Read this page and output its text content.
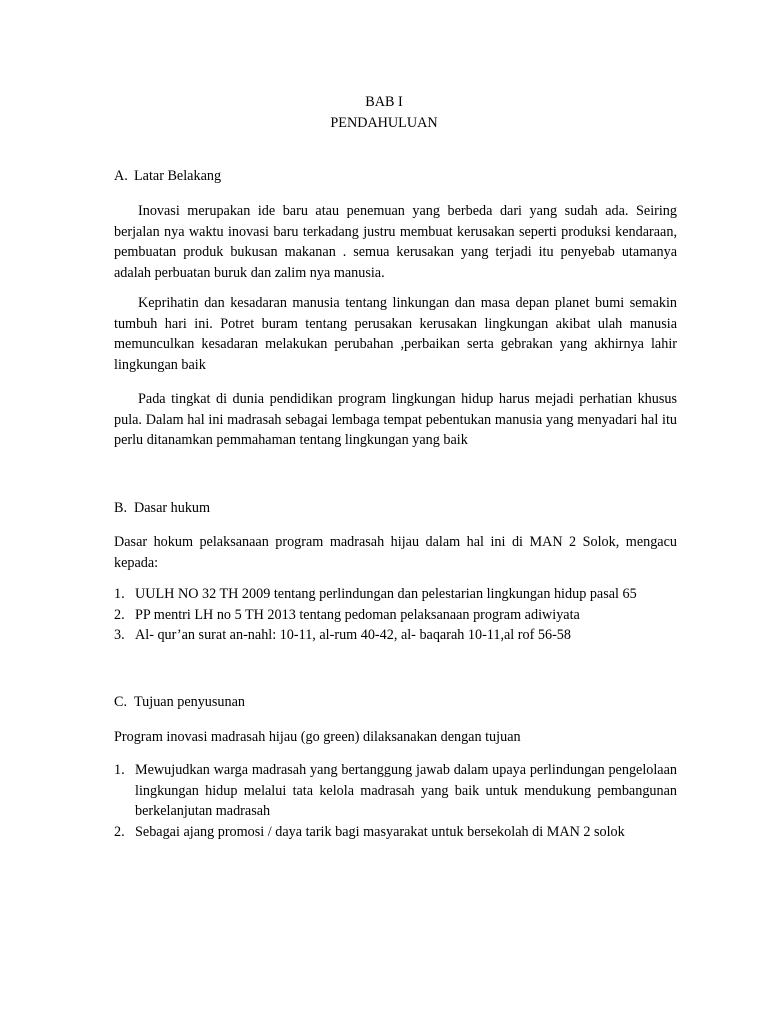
BAB I
PENDAHULUAN
A. Latar Belakang

Inovasi merupakan ide baru atau penemuan yang berbeda dari yang sudah ada. Seiring berjalan nya waktu inovasi baru terkadang justru membuat kerusakan seperti produksi kendaraan, pembuatan produk bukusan makanan . semua kerusakan yang terjadi itu penyebab utamanya adalah perbuatan buruk dan zalim nya manusia.

Keprihatin dan kesadaran manusia tentang linkungan dan masa depan planet bumi semakin tumbuh hari ini. Potret buram tentang perusakan kerusakan lingkungan akibat ulah manusia memunculkan kesadaran melakukan perubahan ,perbaikan serta gebrakan yang akhirnya lahir lingkungan baik

Pada tingkat di dunia pendidikan program lingkungan hidup harus mejadi perhatian khusus pula. Dalam hal ini madrasah sebagai lembaga tempat pebentukan manusia yang menyadari hal itu perlu ditanamkan pemmahaman tentang lingkungan yang baik

B. Dasar hukum

Dasar hokum pelaksanaan program madrasah hijau dalam hal ini di MAN 2 Solok, mengacu kepada:

1. UULH NO 32 TH 2009 tentang perlindungan dan pelestarian lingkungan hidup pasal 65
2. PP mentri LH no 5 TH 2013 tentang pedoman pelaksanaan program adiwiyata
3. Al- qur’an surat an-nahl: 10-11, al-rum 40-42, al- baqarah 10-11,al rof 56-58
C. Tujuan penyusunan

Program inovasi madrasah hijau (go green) dilaksanakan dengan tujuan

1. Mewujudkan warga madrasah yang bertanggung jawab dalam upaya perlindungan pengelolaan lingkungan hidup melalui tata kelola madrasah yang baik untuk mendukung pembangunan berkelanjutan madrasah
2. Sebagai ajang promosi / daya tarik bagi masyarakat untuk bersekolah di MAN 2 solok
